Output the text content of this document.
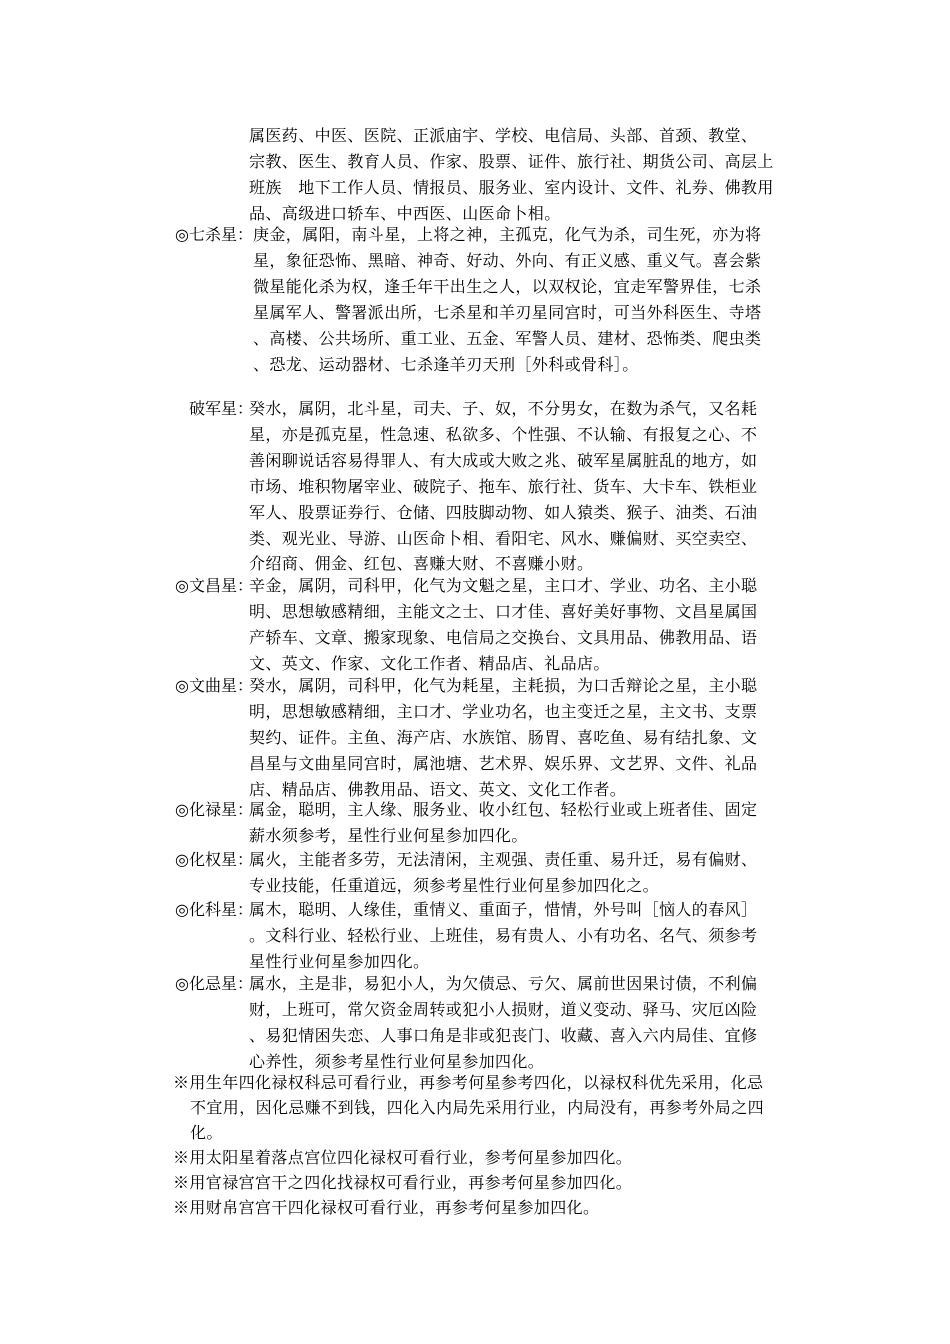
属医药、中医、医院、正派庙宇、学校、电信局、头部、首颈、教堂、
宗教、医生、教育人员、作家、股票、证件、旅行社、期货公司、高层上
班族　地下工作人员、情报员、服务业、室内设计、文件、礼券、佛教用
品、高级进口轿车、中西医、山医命卜相。
◎七杀星： 庚金，属阳，南斗星，上将之神，主孤克，化气为杀，司生死，亦为将
星，象征恐怖、黑暗、神奇、好动、外向、有正义感、重义气。喜会紫
微星能化杀为权，逢壬年干出生之人，以双权论，宜走军警界佳，七杀
星属军人、警署派出所，七杀星和羊刃星同宫时，可当外科医生、寺塔
、高楼、公共场所、重工业、五金、军警人员、建材、恐怖类、爬虫类
、恐龙、运动器材、七杀逢羊刃天刑［外科或骨科］。
破军星：
癸水，属阴，北斗星，司夫、子、奴，不分男女，在数为杀气，又名耗
星，亦是孤克星，性急速、私欲多、个性强、不认输、有报复之心、不
善闲聊说话容易得罪人、有大成或大败之兆、破军星属脏乱的地方，如
市场、堆积物屠宰业、破院子、拖车、旅行社、货车、大卡车、铁柜业
军人、股票证券行、仓储、四肢脚动物、如人猿类、猴子、油类、石油
类、观光业、导游、山医命卜相、看阳宅、风水、赚偏财、买空卖空、
介绍商、佣金、红包、喜赚大财、不喜赚小财。
◎文昌星：
辛金，属阴，司科甲，化气为文魁之星，主口才、学业、功名、主小聪
明、思想敏感精细，主能文之士、口才佳、喜好美好事物、文昌星属国
产轿车、文章、搬家现象、电信局之交换台、文具用品、佛教用品、语
文、英文、作家、文化工作者、精品店、礼品店。
◎文曲星：
癸水，属阴，司科甲，化气为耗星，主耗损，为口舌辩论之星，主小聪
明，思想敏感精细，主口才、学业功名，也主变迁之星，主文书、支票
契约、证件。主鱼、海产店、水族馆、肠胃、喜吃鱼、易有结扎象、文
昌星与文曲星同宫时，属池塘、艺术界、娱乐界、文艺界、文件、礼品
店、精品店、佛教用品、语文、英文、文化工作者。
◎化禄星：
属金，聪明，主人缘、服务业、收小红包、轻松行业或上班者佳、固定
薪水须参考，星性行业何星参加四化。
◎化权星：
属火，主能者多劳，无法清闲，主观强、责任重、易升迁，易有偏财、
专业技能，任重道远，须参考星性行业何星参加四化之。
◎化科星：
属木，聪明、人缘佳，重情义、重面子，惜情，外号叫［恼人的春风］
。文科行业、轻松行业、上班佳，易有贵人、小有功名、名气、须参考
星性行业何星参加四化。
◎化忌星：
属水，主是非，易犯小人，为欠债忌、亏欠、属前世因果讨债，不利偏
财，上班可，常欠资金周转或犯小人损财，道义变动、驿马、灾厄凶险
、易犯情困失恋、人事口角是非或犯丧门、收藏、喜入六内局佳、宜修
心养性，须参考星性行业何星参加四化。
※用生年四化禄权科忌可看行业，再参考何星参考四化，以禄权科优先采用，化忌
不宜用，因化忌赚不到钱，四化入内局先采用行业，内局没有，再参考外局之四
化。
※用太阳星着落点宫位四化禄权可看行业，参考何星参加四化。
※用官禄宫宫干之四化找禄权可看行业，再参考何星参加四化。
※用财帛宫宫干四化禄权可看行业，再参考何星参加四化。
